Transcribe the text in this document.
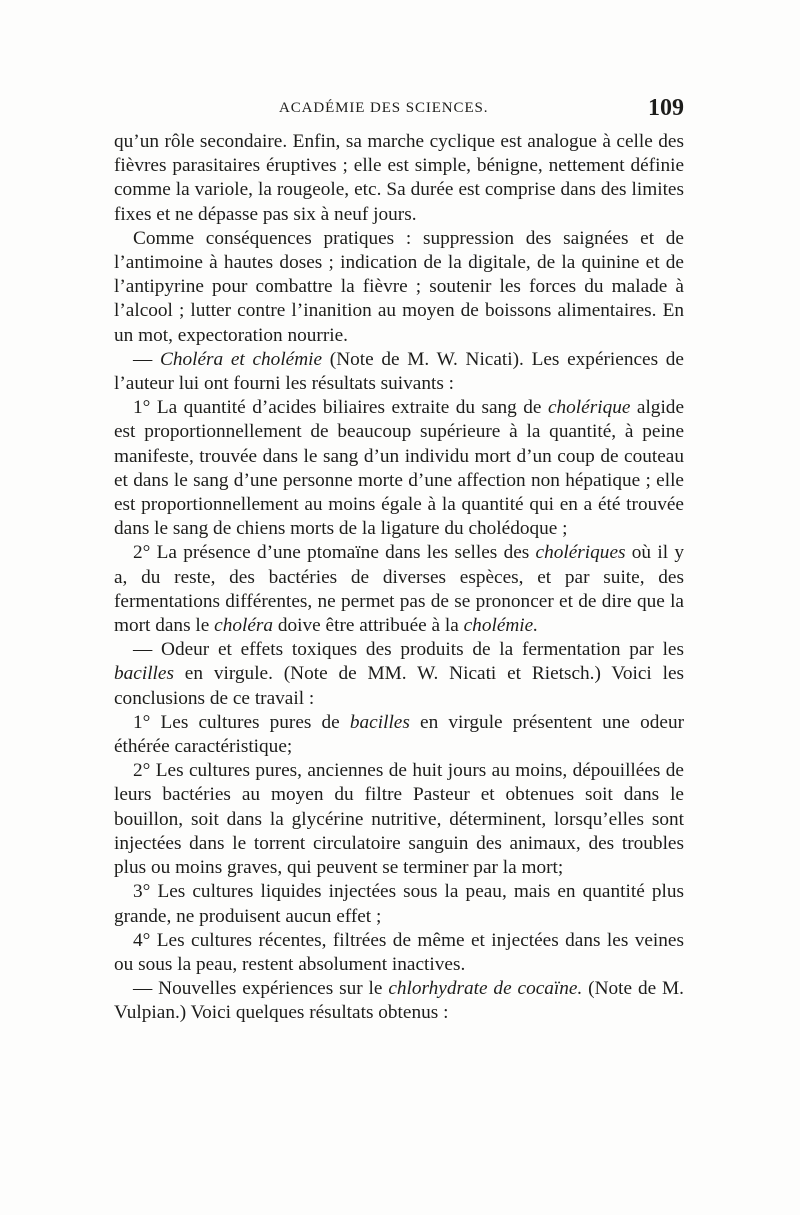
ACADÉMIE DES SCIENCES.	109

qu’un rôle secondaire. Enfin, sa marche cyclique est analogue à celle des fièvres parasitaires éruptives ; elle est simple, bénigne, nettement définie comme la variole, la rougeole, etc. Sa durée est comprise dans des limites fixes et ne dépasse pas six à neuf jours.

Comme conséquences pratiques : suppression des saignées et de l’antimoine à hautes doses ; indication de la digitale, de la quinine et de l’antipyrine pour combattre la fièvre ; soutenir les forces du malade à l’alcool ; lutter contre l’inanition au moyen de boissons alimentaires. En un mot, expectoration nourrie.

— Choléra et cholémie (Note de M. W. Nicati). Les expériences de l’auteur lui ont fourni les résultats suivants :

1° La quantité d’acides biliaires extraite du sang de cholérique algide est proportionnellement de beaucoup supérieure à la quantité, à peine manifeste, trouvée dans le sang d’un individu mort d’un coup de couteau et dans le sang d’une personne morte d’une affection non hépatique ; elle est proportionnellement au moins égale à la quantité qui en a été trouvée dans le sang de chiens morts de la ligature du cholédoque ;

2° La présence d’une ptomaïne dans les selles des cholériques où il y a, du reste, des bactéries de diverses espèces, et par suite, des fermentations différentes, ne permet pas de se prononcer et de dire que la mort dans le choléra doive être attribuée à la cholémie.

— Odeur et effets toxiques des produits de la fermentation par les bacilles en virgule. (Note de MM. W. Nicati et Rietsch.) Voici les conclusions de ce travail :

1° Les cultures pures de bacilles en virgule présentent une odeur éthérée caractéristique;

2° Les cultures pures, anciennes de huit jours au moins, dépouillées de leurs bactéries au moyen du filtre Pasteur et obtenues soit dans le bouillon, soit dans la glycérine nutritive, déterminent, lorsqu’elles sont injectées dans le torrent circulatoire sanguin des animaux, des troubles plus ou moins graves, qui peuvent se terminer par la mort;

3° Les cultures liquides injectées sous la peau, mais en quantité plus grande, ne produisent aucun effet ;

4° Les cultures récentes, filtrées de même et injectées dans les veines ou sous la peau, restent absolument inactives.

— Nouvelles expériences sur le chlorhydrate de cocaïne. (Note de M. Vulpian.) Voici quelques résultats obtenus :
